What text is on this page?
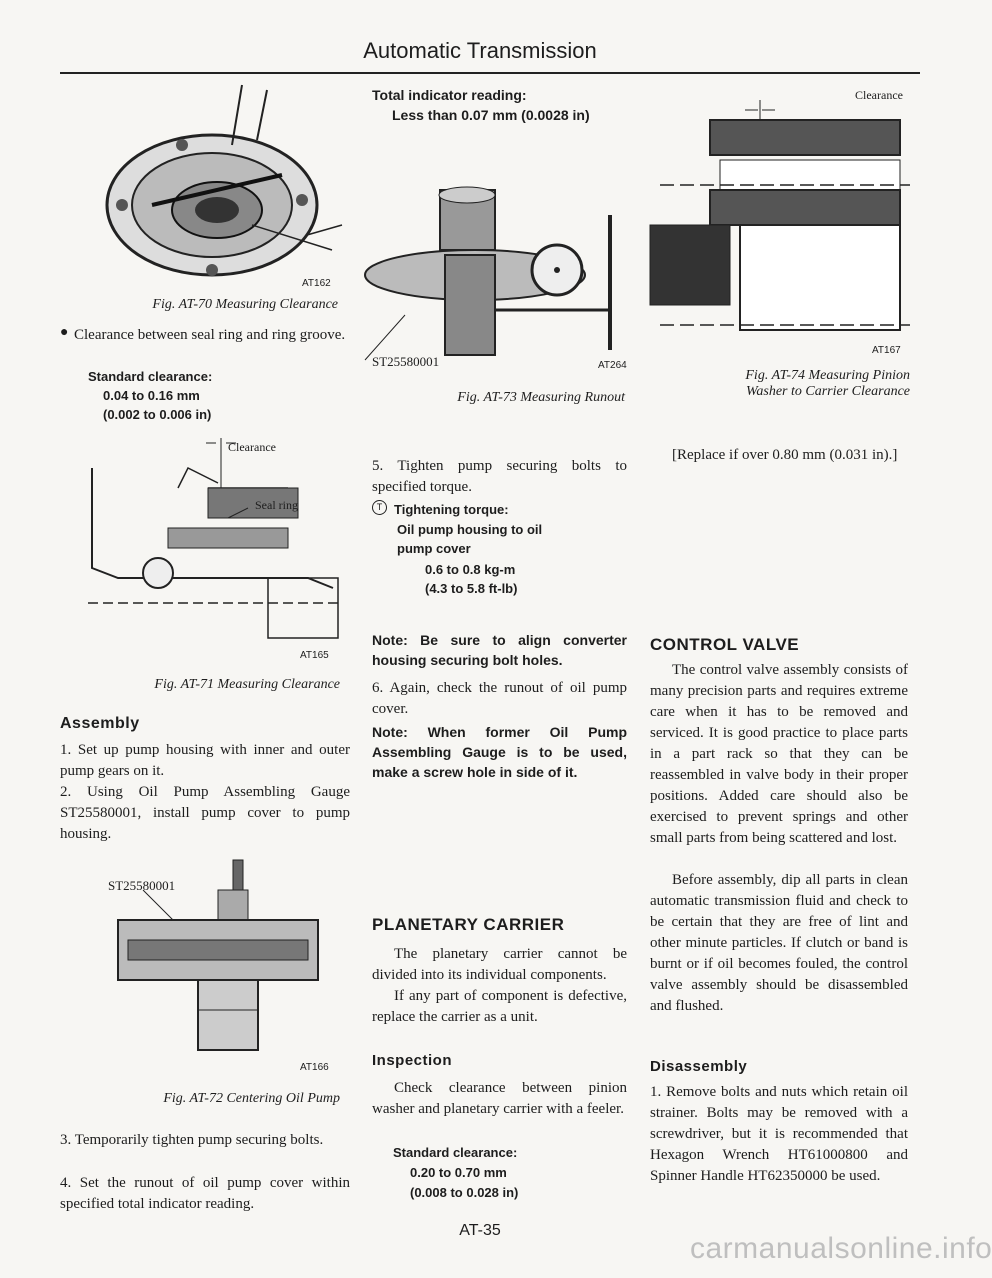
Automatic Transmission
AT162
Fig. AT-70 Measuring Clearance
● Clearance between seal ring and ring groove.
Standard clearance:
0.04 to 0.16 mm
(0.002 to 0.006 in)
Clearance
Seal ring
AT165
Fig. AT-71 Measuring Clearance
Assembly
1. Set up pump housing with inner and outer pump gears on it.
2. Using Oil Pump Assembling Gauge ST25580001, install pump cover to pump housing.
ST25580001
AT166
Fig. AT-72 Centering Oil Pump
3. Temporarily tighten pump securing bolts.
4. Set the runout of oil pump cover within specified total indicator reading.
Total indicator reading:
Less than 0.07 mm (0.0028 in)
ST25580001	AT264
Fig. AT-73 Measuring Runout
5. Tighten pump securing bolts to specified torque.
T Tightening torque:
Oil pump housing to oil pump cover
0.6 to 0.8 kg-m
(4.3 to 5.8 ft-lb)
Note: Be sure to align converter housing securing bolt holes.
6. Again, check the runout of oil pump cover.
Note: When former Oil Pump Assembling Gauge is to be used, make a screw hole in side of it.
PLANETARY CARRIER
The planetary carrier cannot be divided into its individual components.
If any part of component is defective, replace the carrier as a unit.
Inspection
Check clearance between pinion washer and planetary carrier with a feeler.
Standard clearance:
0.20 to 0.70 mm
(0.008 to 0.028 in)
AT-35
Clearance
AT167
Fig. AT-74 Measuring Pinion
Washer to Carrier Clearance
[Replace if over 0.80 mm (0.031 in).]
CONTROL VALVE
The control valve assembly consists of many precision parts and requires extreme care when it has to be removed and serviced. It is good practice to place parts in a part rack so that they can be reassembled in valve body in their proper positions. Added care should also be exercised to prevent springs and other small parts from being scattered and lost.
Before assembly, dip all parts in clean automatic transmission fluid and check to be certain that they are free of lint and other minute particles. If clutch or band is burnt or if oil becomes fouled, the control valve assembly should be disassembled and flushed.
Disassembly
1. Remove bolts and nuts which retain oil strainer. Bolts may be removed with a screwdriver, but it is recommended that Hexagon Wrench HT61000800 and Spinner Handle HT62350000 be used.
carmanualsonline.info
